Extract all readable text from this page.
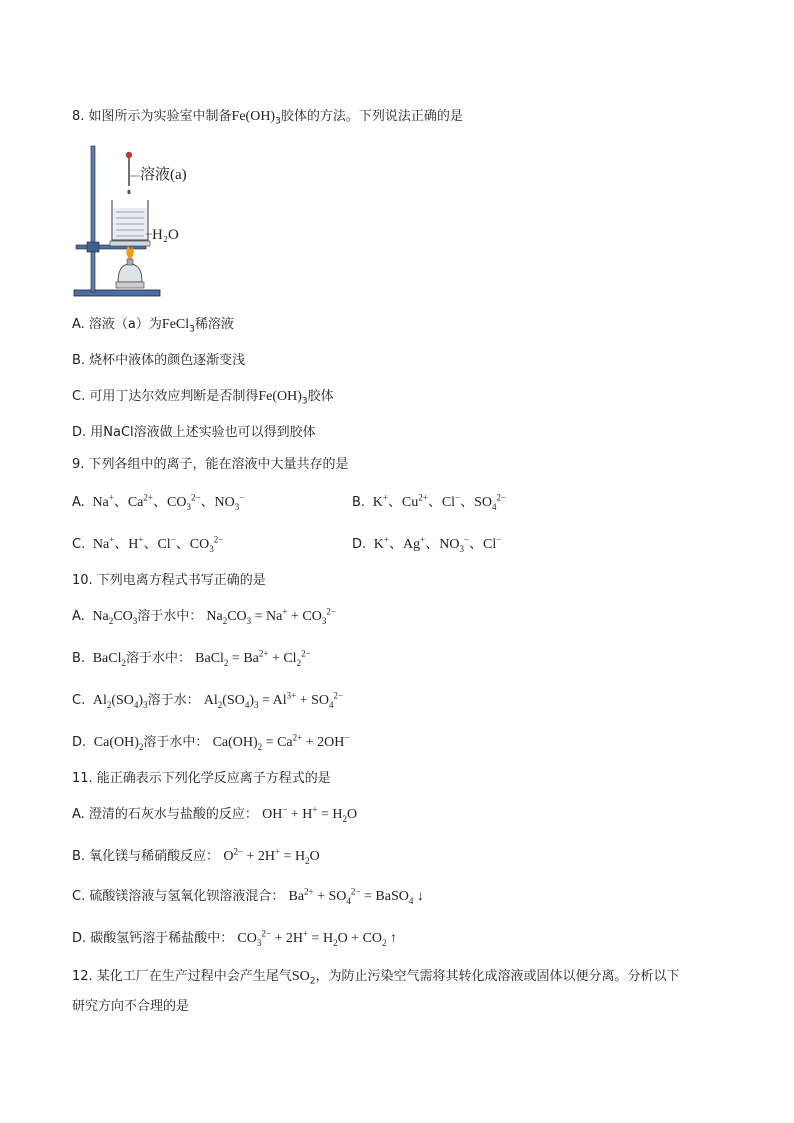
8. 如图所示为实验室中制备$Fe(OH)_3$胶体的方法。下列说法正确的是
溶液(a)
H₂O
A. 溶液（a）为FeCl$_3$稀溶液
B. 烧杯中液体的颜色逐渐变浅
C. 可用丁达尔效应判断是否制得$Fe(OH)_3$胶体
D. 用NaCl溶液做上述实验也可以得到胶体
9. 下列各组中的离子，能在溶液中大量共存的是
A.  Na+、$Ca^{2+}$、$CO_3^{2-}$、$NO_3^-$	B.  K+、$Cu^{2+}$、Cl−、$SO_4^{2-}$
C.  Na+、H+、Cl−、$CO_3^{2-}$	D.  K+、Ag+、$NO_3^-$、Cl−
10. 下列电离方程式书写正确的是
A.  $Na_2CO_3$溶于水中： $Na_2CO_3 = Na^+ + CO_3^{2-}$
B.  BaCl$_2$溶于水中： BaCl$_2$ = $Ba^{2+} + Cl_2^{2-}$
C.  $Al_2(SO_4)_3$溶于水： $Al_2(SO_4)_3 = Al^{3+} + SO_4^{2-}$
D.  $Ca(OH)_2$溶于水中： $Ca(OH)_2 = Ca^{2+} + 2OH^-$
11. 能正确表示下列化学反应离子方程式的是
A. 澄清的石灰水与盐酸的反应： $OH^- + H^+ = H_2O$
B. 氧化镁与稀硝酸反应： $O^{2-} + 2H^+ = H_2O$
C. 硫酸镁溶液与氢氧化钡溶液混合： $Ba^{2+} + SO_4^{2-}$ = BaSO$_4$ ↓
D. 碳酸氢钙溶于稀盐酸中： $CO_3^{2-} + 2H^+ = H_2O + CO_2$ ↑
12. 某化工厂在生产过程中会产生尾气$SO_2$，为防止污染空气需将其转化成溶液或固体以便分离。分析以下
研究方向不合理的是
